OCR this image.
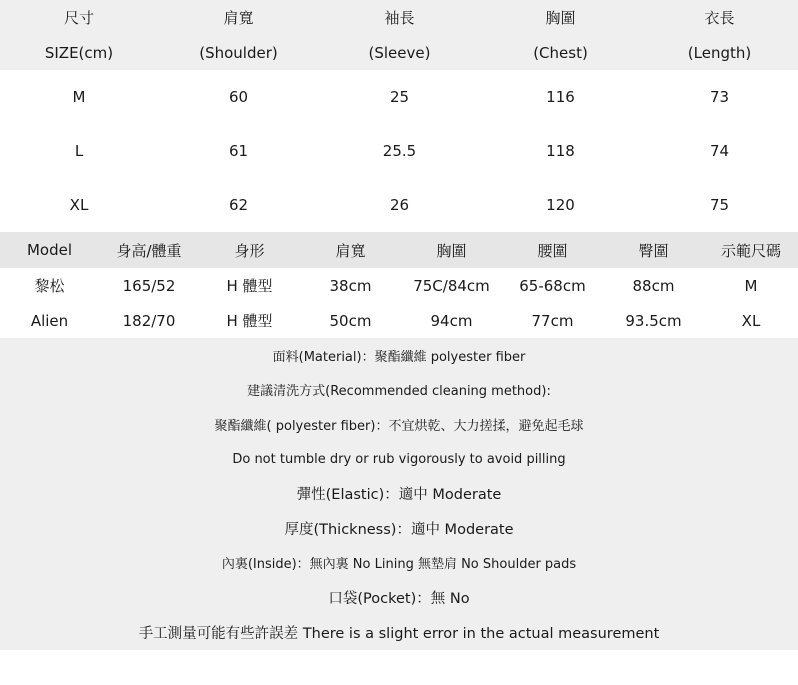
尺寸	肩寬	袖長	胸圍	衣長
SIZE(cm)	(Shoulder)	(Sleeve)	(Chest)	(Length)
M	60	25	116	73
L	61	25.5	118	74
XL	62	26	120	75
Model	身高/體重	身形	肩寬	胸圍	腰圍	臀圍	示範尺碼
黎松	165/52	H 體型	38cm	75C/84cm	65-68cm	88cm	M
Alien	182/70	H 體型	50cm	94cm	77cm	93.5cm	XL
面料(Material)：聚酯纖維 polyester fiber
建議清洗方式(Recommended cleaning method):
聚酯纖維( polyester fiber)：不宜烘乾、大力搓揉，避免起毛球
Do not tumble dry or rub vigorously to avoid pilling
彈性(Elastic)：適中 Moderate
厚度(Thickness)：適中 Moderate
內裏(Inside)：無內裏 No Lining 無墊肩 No Shoulder pads
口袋(Pocket)：無 No
手工測量可能有些許誤差 There is a slight error in the actual measurement
